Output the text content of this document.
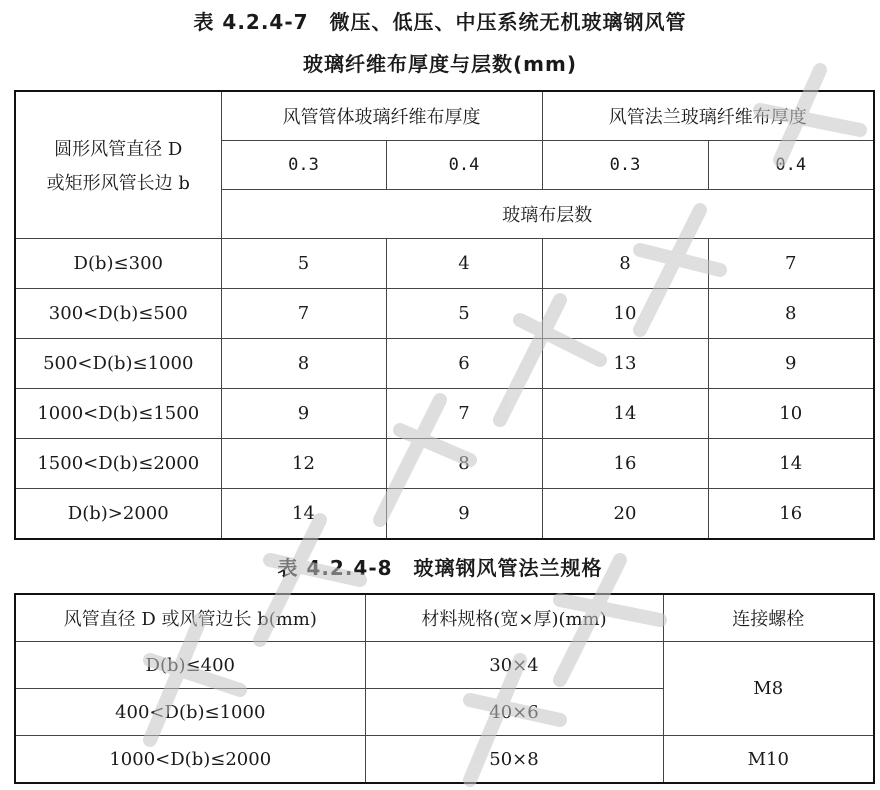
表 4.2.4-7　微压、低压、中压系统无机玻璃钢风管
玻璃纤维布厚度与层数(mm)
圆形风管直径 D
或矩形风管长边 b	风管管体玻璃纤维布厚度		风管法兰玻璃纤维布厚度	
	0.3	0.4	0.3	0.4
	玻璃布层数			
D(b)≤300	5	4	8	7
300<D(b)≤500	7	5	10	8
500<D(b)≤1000	8	6	13	9
1000<D(b)≤1500	9	7	14	10
1500<D(b)≤2000	12	8	16	14
D(b)>2000	14	9	20	16
表 4.2.4-8　玻璃钢风管法兰规格
风管直径 D 或风管边长 b(mm)	材料规格(宽×厚)(mm)	连接螺栓
D(b)≤400	30×4	M8
400<D(b)≤1000	40×6	
1000<D(b)≤2000	50×8	M10
